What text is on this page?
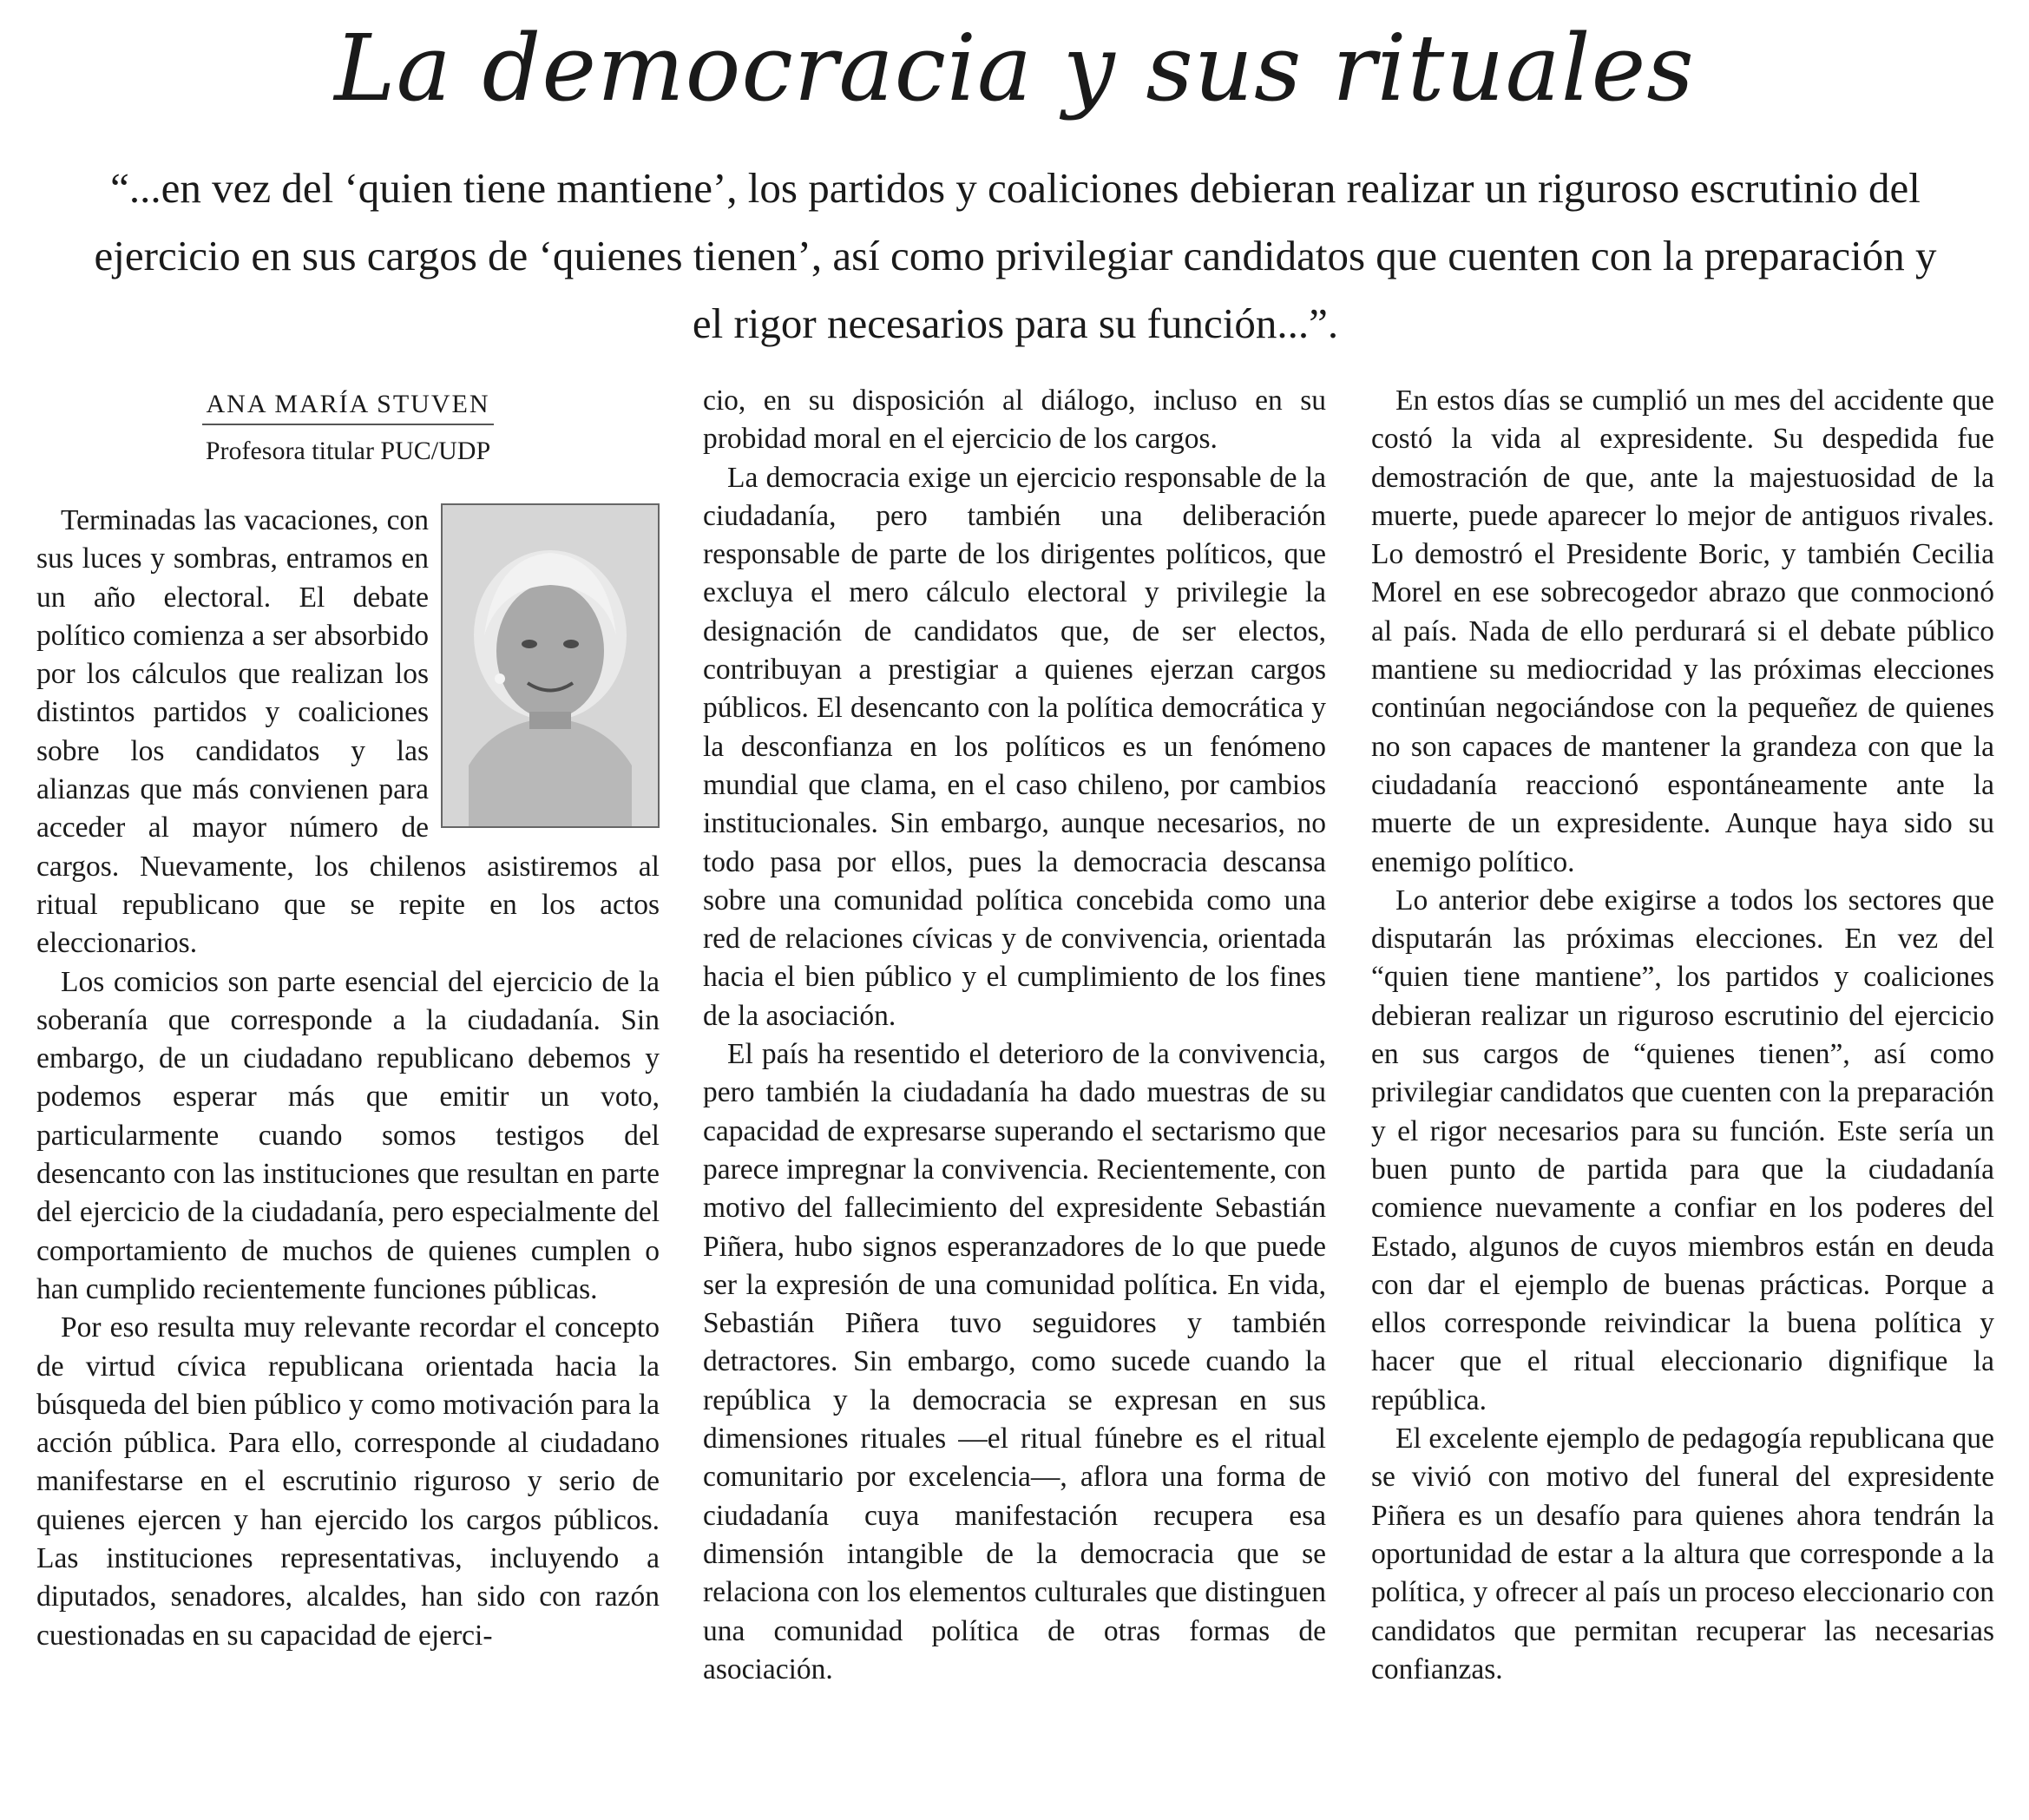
La democracia y sus rituales

“...en vez del ‘quien tiene mantiene’, los partidos y coaliciones debieran realizar un riguroso escrutinio del ejercicio en sus cargos de ‘quienes tienen’, así como privilegiar candidatos que cuenten con la preparación y el rigor necesarios para su función...”.

ANA MARÍA STUVEN

Profesora titular PUC/UDP

Terminadas las vacaciones, con sus luces y sombras, entramos en un año electoral. El debate político comienza a ser absorbido por los cálculos que realizan los distintos partidos y coaliciones sobre los candidatos y las alianzas que más convienen para acceder al mayor número de cargos. Nuevamente, los chilenos asistiremos al ritual republicano que se repite en los actos eleccionarios.

Los comicios son parte esencial del ejercicio de la soberanía que corresponde a la ciudadanía. Sin embargo, de un ciudadano republicano debemos y podemos esperar más que emitir un voto, particularmente cuando somos testigos del desencanto con las instituciones que resultan en parte del ejercicio de la ciudadanía, pero especialmente del comportamiento de muchos de quienes cumplen o han cumplido recientemente funciones públicas.

Por eso resulta muy relevante recordar el concepto de virtud cívica republicana orientada hacia la búsqueda del bien público y como motivación para la acción pública. Para ello, corresponde al ciudadano manifestarse en el escrutinio riguroso y serio de quienes ejercen y han ejercido los cargos públicos. Las instituciones representativas, incluyendo a diputados, senadores, alcaldes, han sido con razón cuestionadas en su capacidad de ejerci-

cio, en su disposición al diálogo, incluso en su probidad moral en el ejercicio de los cargos.

La democracia exige un ejercicio responsable de la ciudadanía, pero también una deliberación responsable de parte de los dirigentes políticos, que excluya el mero cálculo electoral y privilegie la designación de candidatos que, de ser electos, contribuyan a prestigiar a quienes ejerzan cargos públicos. El desencanto con la política democrática y la desconfianza en los políticos es un fenómeno mundial que clama, en el caso chileno, por cambios institucionales. Sin embargo, aunque necesarios, no todo pasa por ellos, pues la democracia descansa sobre una comunidad política concebida como una red de relaciones cívicas y de convivencia, orientada hacia el bien público y el cumplimiento de los fines de la asociación.

El país ha resentido el deterioro de la convivencia, pero también la ciudadanía ha dado muestras de su capacidad de expresarse superando el sectarismo que parece impregnar la convivencia. Recientemente, con motivo del fallecimiento del expresidente Sebastián Piñera, hubo signos esperanzadores de lo que puede ser la expresión de una comunidad política. En vida, Sebastián Piñera tuvo seguidores y también detractores. Sin embargo, como sucede cuando la república y la democracia se expresan en sus dimensiones rituales —el ritual fúnebre es el ritual comunitario por excelencia—, aflora una forma de ciudadanía cuya manifestación recupera esa dimensión intangible de la democracia que se relaciona con los elementos culturales que distinguen una comunidad política de otras formas de asociación.

En estos días se cumplió un mes del accidente que costó la vida al expresidente. Su despedida fue demostración de que, ante la majestuosidad de la muerte, puede aparecer lo mejor de antiguos rivales. Lo demostró el Presidente Boric, y también Cecilia Morel en ese sobrecogedor abrazo que conmocionó al país. Nada de ello perdurará si el debate público mantiene su mediocridad y las próximas elecciones continúan negociándose con la pequeñez de quienes no son capaces de mantener la grandeza con que la ciudadanía reaccionó espontáneamente ante la muerte de un expresidente. Aunque haya sido su enemigo político.

Lo anterior debe exigirse a todos los sectores que disputarán las próximas elecciones. En vez del “quien tiene mantiene”, los partidos y coaliciones debieran realizar un riguroso escrutinio del ejercicio en sus cargos de “quienes tienen”, así como privilegiar candidatos que cuenten con la preparación y el rigor necesarios para su función. Este sería un buen punto de partida para que la ciudadanía comience nuevamente a confiar en los poderes del Estado, algunos de cuyos miembros están en deuda con dar el ejemplo de buenas prácticas. Porque a ellos corresponde reivindicar la buena política y hacer que el ritual eleccionario dignifique la república.

El excelente ejemplo de pedagogía republicana que se vivió con motivo del funeral del expresidente Piñera es un desafío para quienes ahora tendrán la oportunidad de estar a la altura que corresponde a la política, y ofrecer al país un proceso eleccionario con candidatos que permitan recuperar las necesarias confianzas.
